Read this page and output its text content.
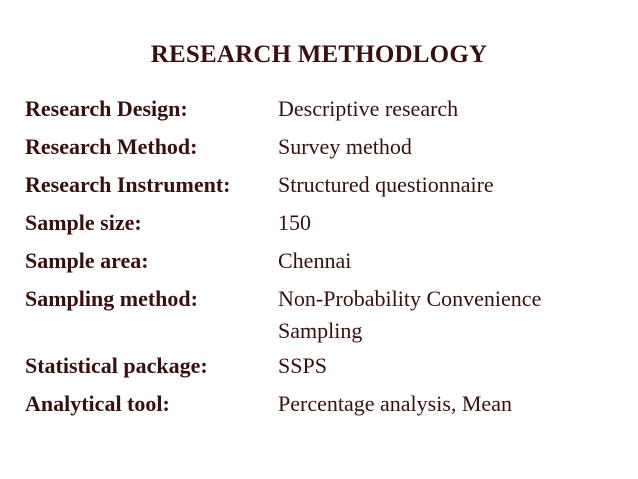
RESEARCH METHODLOGY
Research Design:	Descriptive research
Research Method:	Survey method
Research Instrument:	Structured questionnaire
Sample size:	150
Sample area:	Chennai
Sampling method:	Non-Probability Convenience
Sampling
Statistical package:	SSPS
Analytical tool:	Percentage analysis, Mean
